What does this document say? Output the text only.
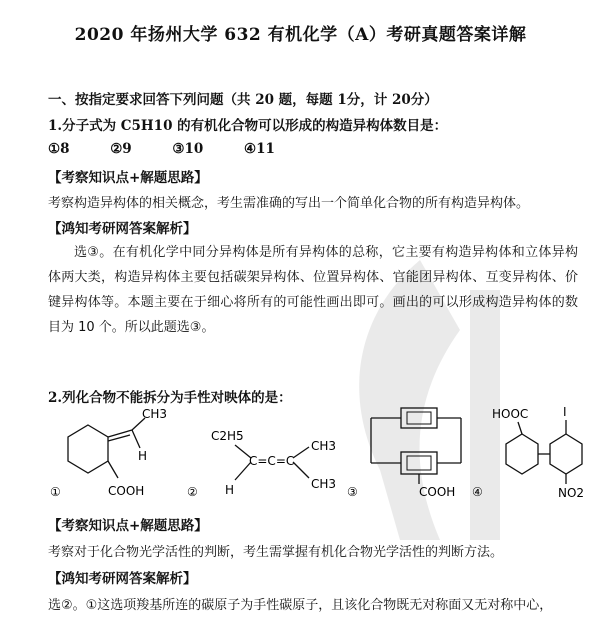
2020 年扬州大学 632 有机化学（A）考研真题答案详解
一、按指定要求回答下列问题（共 20 题，每题 1分，计 20分）
1.分子式为 C5H10 的有机化合物可以形成的构造异构体数目是：
①8	②9	③10	④11
【考察知识点+解题思路】
考察构造异构体的相关概念，考生需准确的写出一个简单化合物的所有构造异构体。
【鸿知考研网答案解析】
选③。在有机化学中同分异构体是所有异构体的总称，它主要有构造异构体和立体异构体两大类，构造异构体主要包括碳架异构体、位置异构体、官能团异构体、互变异构体、价键异构体等。本题主要在于细心将所有的可能性画出即可。画出的可以形成构造异构体的数目为 10 个。所以此题选③。
2.列化合物不能拆分为手性对映体的是：
CH3
H
COOH
①
C2H5
H
C=C=C
CH3
CH3
②	COOH
③
HOOC	I
NO2
④
【考察知识点+解题思路】
考察对于化合物光学活性的判断，考生需掌握有机化合物光学活性的判断方法。
【鸿知考研网答案解析】
选②。①这选项羧基所连的碳原子为手性碳原子，且该化合物既无对称面又无对称中心，
